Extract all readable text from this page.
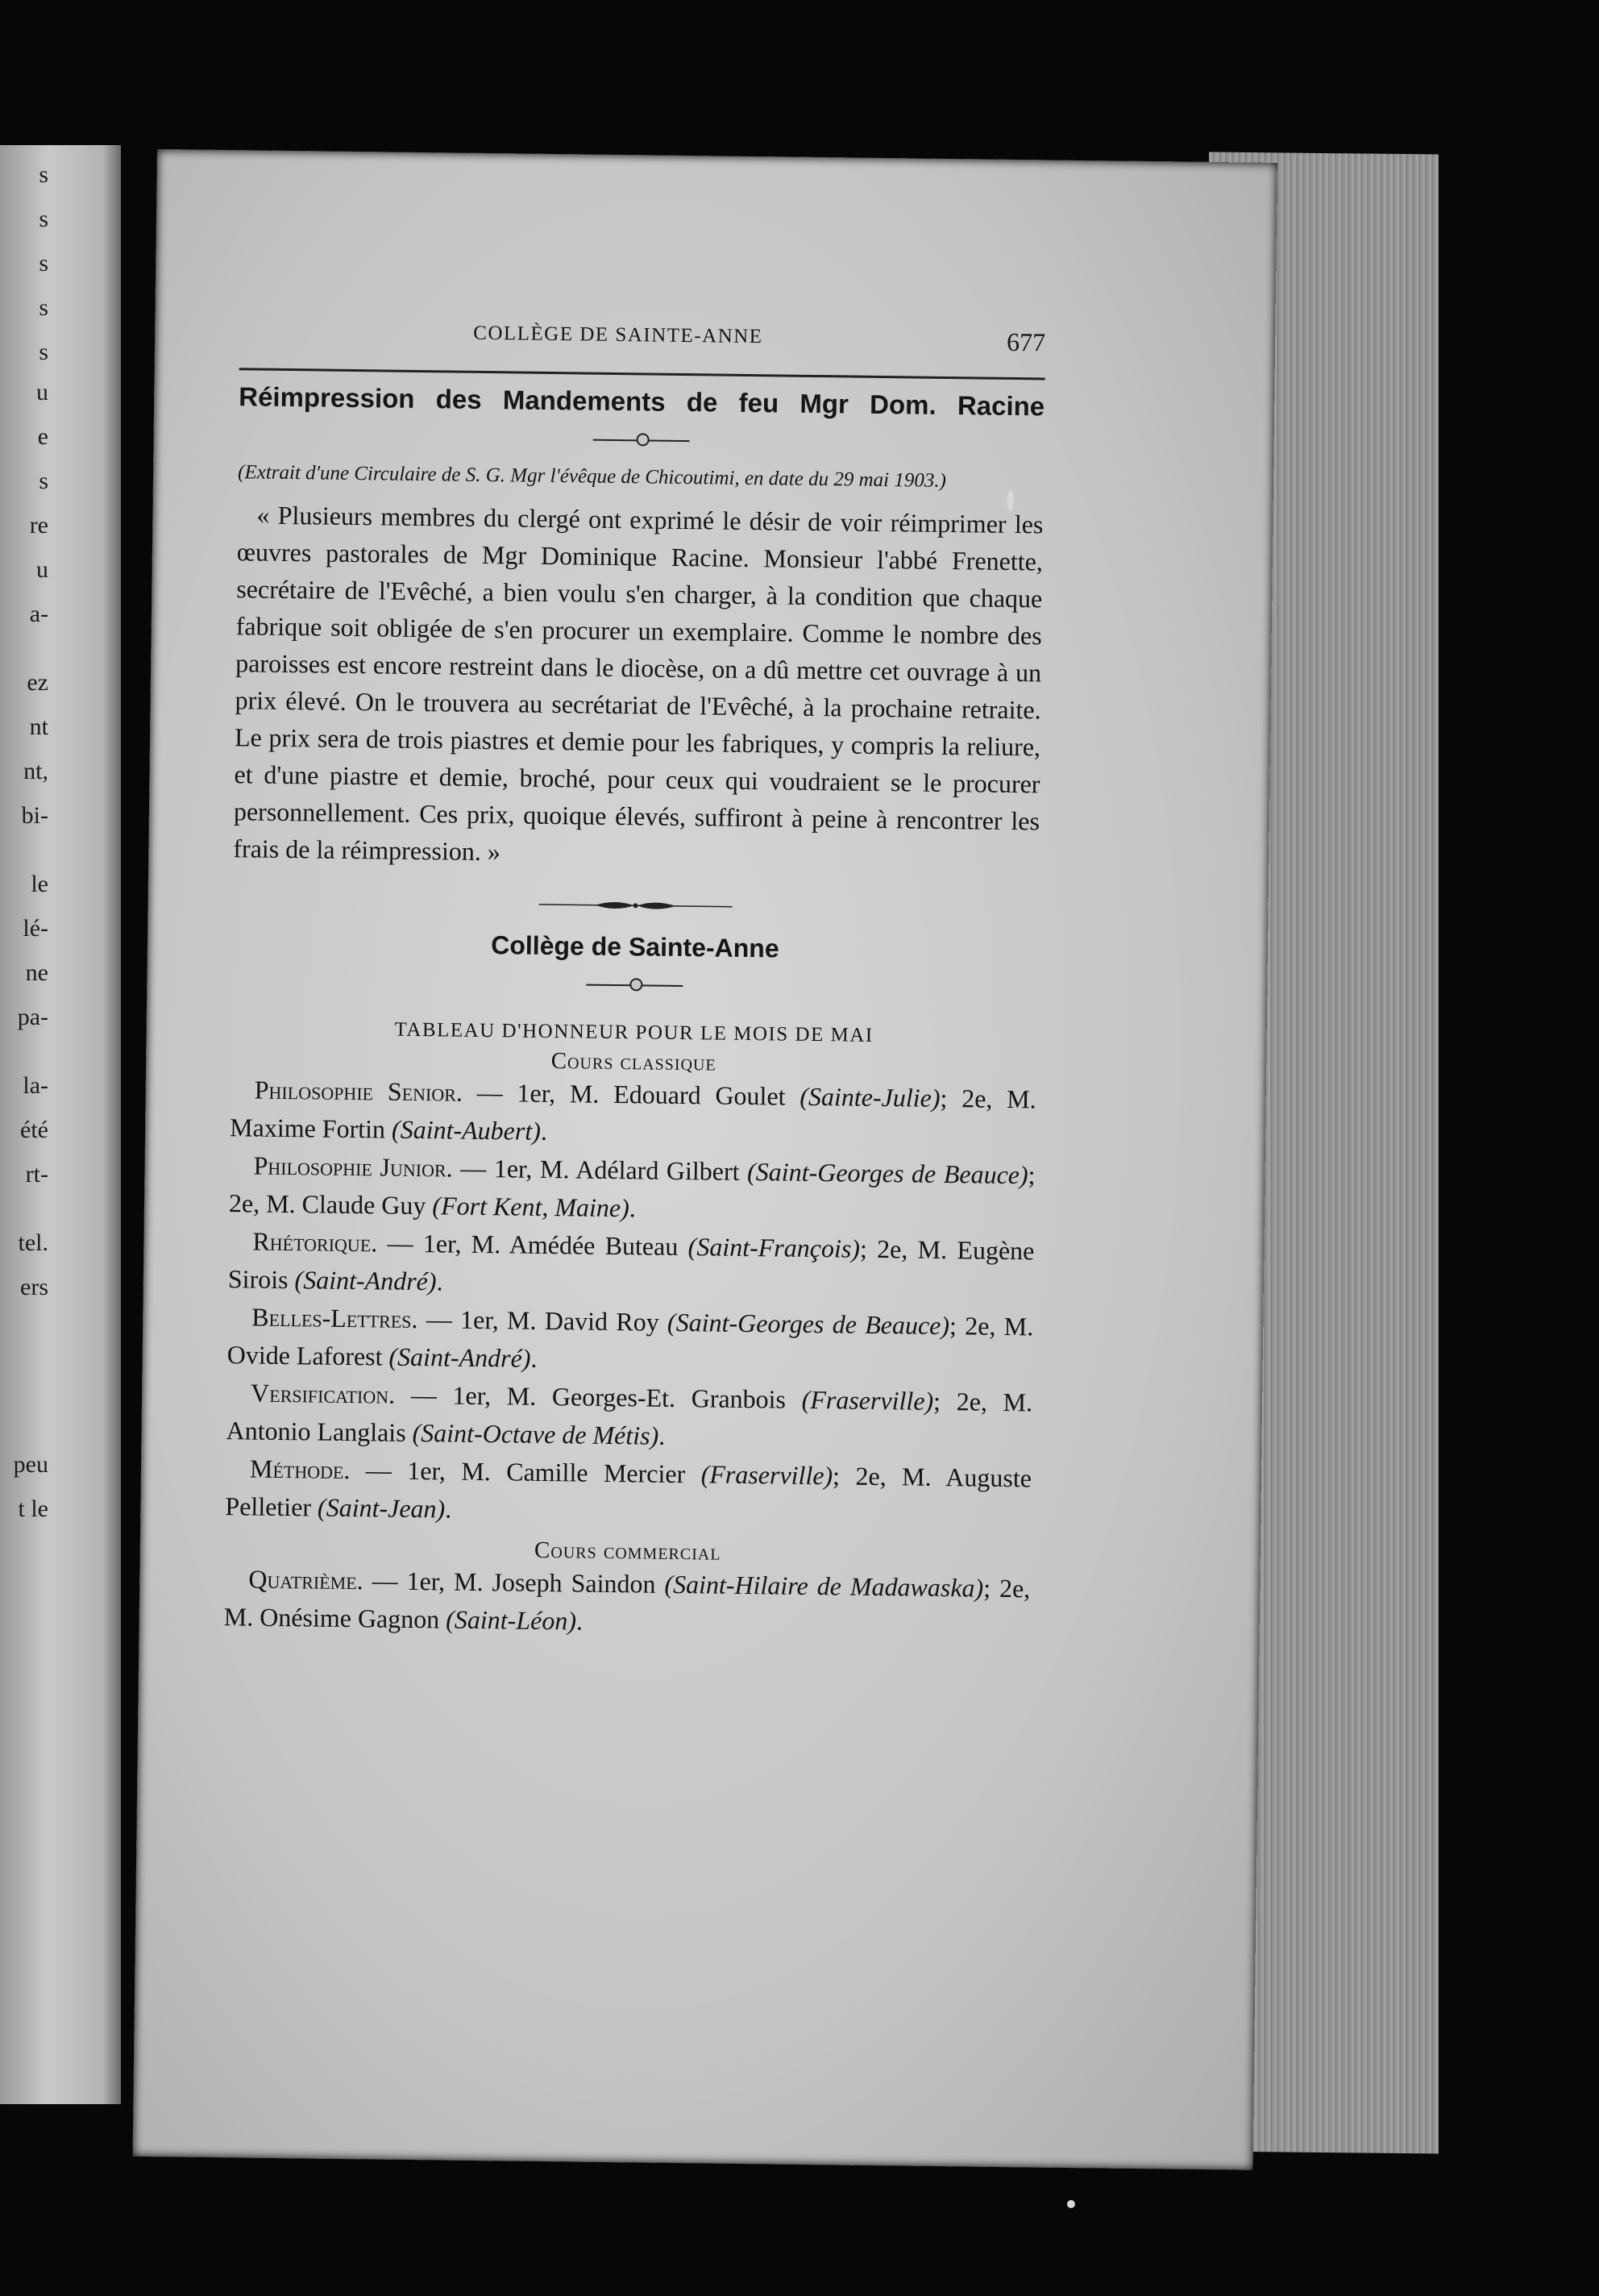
s
s
s
s
s
u
e
s
re
u
a-
ez
nt
nt,
bi-
le
lé-
ne
pa-
la-
été
rt-
tel.
ers
peu
t le
COLLÈGE DE SAINTE-ANNE	677
Réimpression des Mandements de feu Mgr Dom. Racine
(Extrait d'une Circulaire de S. G. Mgr l'évêque de Chicoutimi, en date du 29 mai 1903.)

« Plusieurs membres du clergé ont exprimé le désir de voir réimprimer les œuvres pastorales de Mgr Dominique Racine. Monsieur l'abbé Frenette, secrétaire de l'Evêché, a bien voulu s'en charger, à la condition que chaque fabrique soit obligée de s'en procurer un exemplaire. Comme le nombre des paroisses est encore restreint dans le diocèse, on a dû mettre cet ouvrage à un prix élevé. On le trouvera au secrétariat de l'Evêché, à la prochaine retraite. Le prix sera de trois piastres et demie pour les fabriques, y compris la reliure, et d'une piastre et demie, broché, pour ceux qui voudraient se le procurer personnellement. Ces prix, quoique élevés, suffiront à peine à rencontrer les frais de la réimpression. »

Collège de Sainte-Anne
TABLEAU D'HONNEUR POUR LE MOIS DE MAI
Cours classique

Philosophie Senior. — 1er, M. Edouard Goulet (Sainte-Julie); 2e, M. Maxime Fortin (Saint-Aubert).

Philosophie Junior. — 1er, M. Adélard Gilbert (Saint-Georges de Beauce); 2e, M. Claude Guy (Fort Kent, Maine).

Rhétorique. — 1er, M. Amédée Buteau (Saint-François); 2e, M. Eugène Sirois (Saint-André).

Belles-Lettres. — 1er, M. David Roy (Saint-Georges de Beauce); 2e, M. Ovide Laforest (Saint-André).

Versification. — 1er, M. Georges-Et. Granbois (Fraserville); 2e, M. Antonio Langlais (Saint-Octave de Métis).

Méthode. — 1er, M. Camille Mercier (Fraserville); 2e, M. Auguste Pelletier (Saint-Jean).

Cours commercial

Quatrième. — 1er, M. Joseph Saindon (Saint-Hilaire de Madawaska); 2e, M. Onésime Gagnon (Saint-Léon).
